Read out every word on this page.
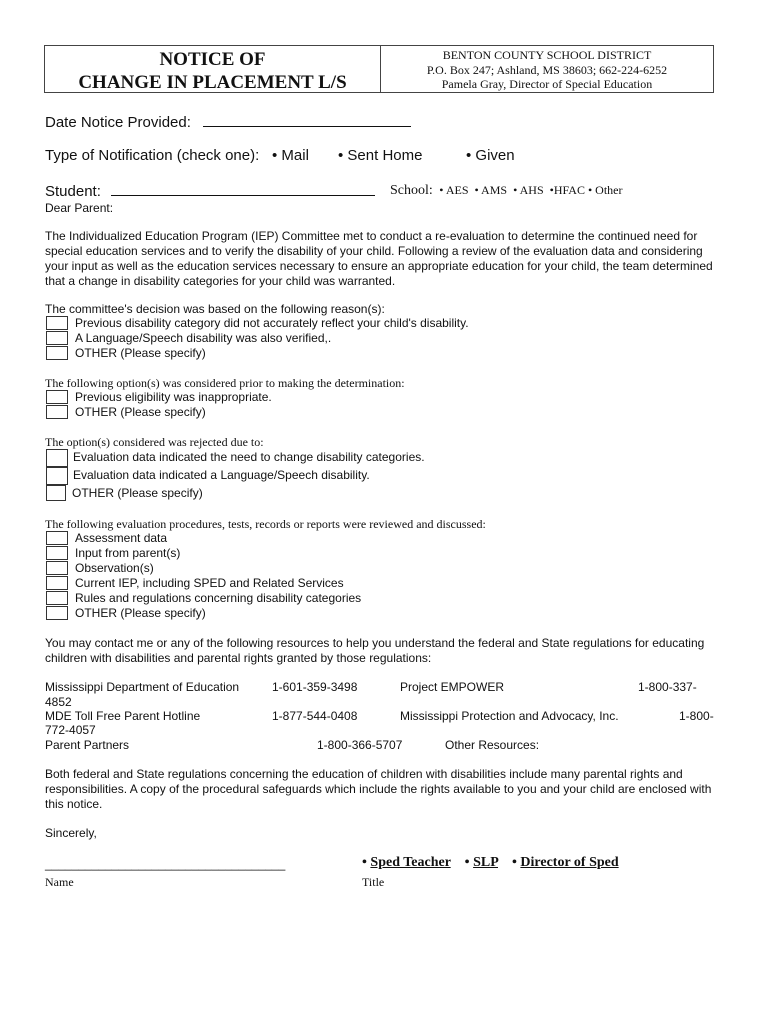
NOTICE OF
CHANGE IN PLACEMENT L/S
BENTON COUNTY SCHOOL DISTRICT
P.O. Box 247; Ashland, MS 38603; 662-224-6252
Pamela Gray, Director of Special Education
Date Notice Provided:
Type of Notification (check one): • Mail • Sent Home	• Given
Student:	School:  • AES  • AMS  • AHS  •HFAC • Other
Dear Parent:
The Individualized Education Program (IEP) Committee met to conduct a re-evaluation to determine the continued need for special education services and to verify the disability of your child. Following a review of the evaluation data and considering your input as well as the education services necessary to ensure an appropriate education for your child, the team determined that a change in disability categories for your child was warranted.
The committee's decision was based on the following reason(s):
Previous disability category did not accurately reflect your child's disability.
A Language/Speech disability was also verified,.
OTHER (Please specify)
The following option(s) was considered prior to making the determination:
Previous eligibility was inappropriate.
OTHER (Please specify)
The option(s) considered was rejected due to:
Evaluation data indicated the need to change disability categories.
Evaluation data indicated a Language/Speech disability.
OTHER (Please specify)
The following evaluation procedures, tests, records or reports were reviewed and discussed:
Assessment data
Input from parent(s)
Observation(s)
Current IEP, including SPED and Related Services
Rules and regulations concerning disability categories
OTHER (Please specify)
You may contact me or any of the following resources to help you understand the federal and State regulations for educating children with disabilities and parental rights granted by those regulations:
Mississippi Department of Education	1-601-359-3498	Project EMPOWER	1-800-337-
4852
MDE Toll Free Parent Hotline	1-877-544-0408	Mississippi Protection and Advocacy, Inc.	1-800-
772-4057
Parent Partners	1-800-366-5707	Other Resources:
Both federal and State regulations concerning the education of children with disabilities include many parental rights and responsibilities. A copy of the procedural safeguards which include the rights available to you and your child are enclosed with this notice.
Sincerely,
____________________________________
Name
• Sped Teacher • SLP • Director of Sped
Title
